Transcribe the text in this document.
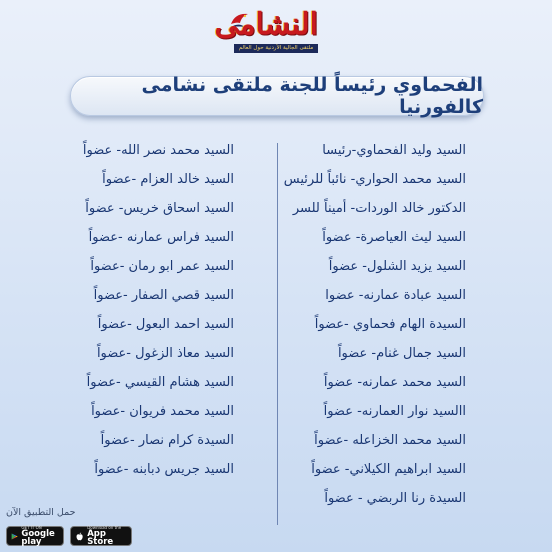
النشامى
ملتقى الجالية الأردنية حول العالم
الفحماوي رئيساً للجنة ملتقى نشامى كالفورنيا
السيد وليد الفحماوي-رئيسا
السيد محمد الحواري- نائباً للرئيس
الدكتور خالد الوردات- أميناً للسر
السيد ليث العياصرة- عضواً
السيد يزيد الشلول- عضواً
السيد عبادة عمارنه- عضوا
السيدة الهام فحماوي -عضواً
السيد جمال غنام- عضواً
السيد محمد عمارنه- عضواً
االسيد نوار العمارنه- عضواً
السيد محمد الخزاعله -عضواً
السيد ابراهيم الكيلاني- عضواً
السيدة رنا الربضي - عضواً
السيد محمد نصر الله- عضواً
السيد خالد العزام -عضواً
السيد اسحاق خريس- عضواً
السيد فراس عمارنه -عضواً
السيد عمر ابو رمان -عضواً
السيد قصي الصفار -عضواً
السيد احمد البعول -عضواً
السيد معاذ الزغول -عضواً
السيد هشام القيسي -عضواً
السيد محمد فريوان -عضواً
السيدة كرام نصار -عضواً
السيد جريس دبابنه -عضواً
حمل التطبيق الآن
GET IT ON
Google play
Download on the
App Store
